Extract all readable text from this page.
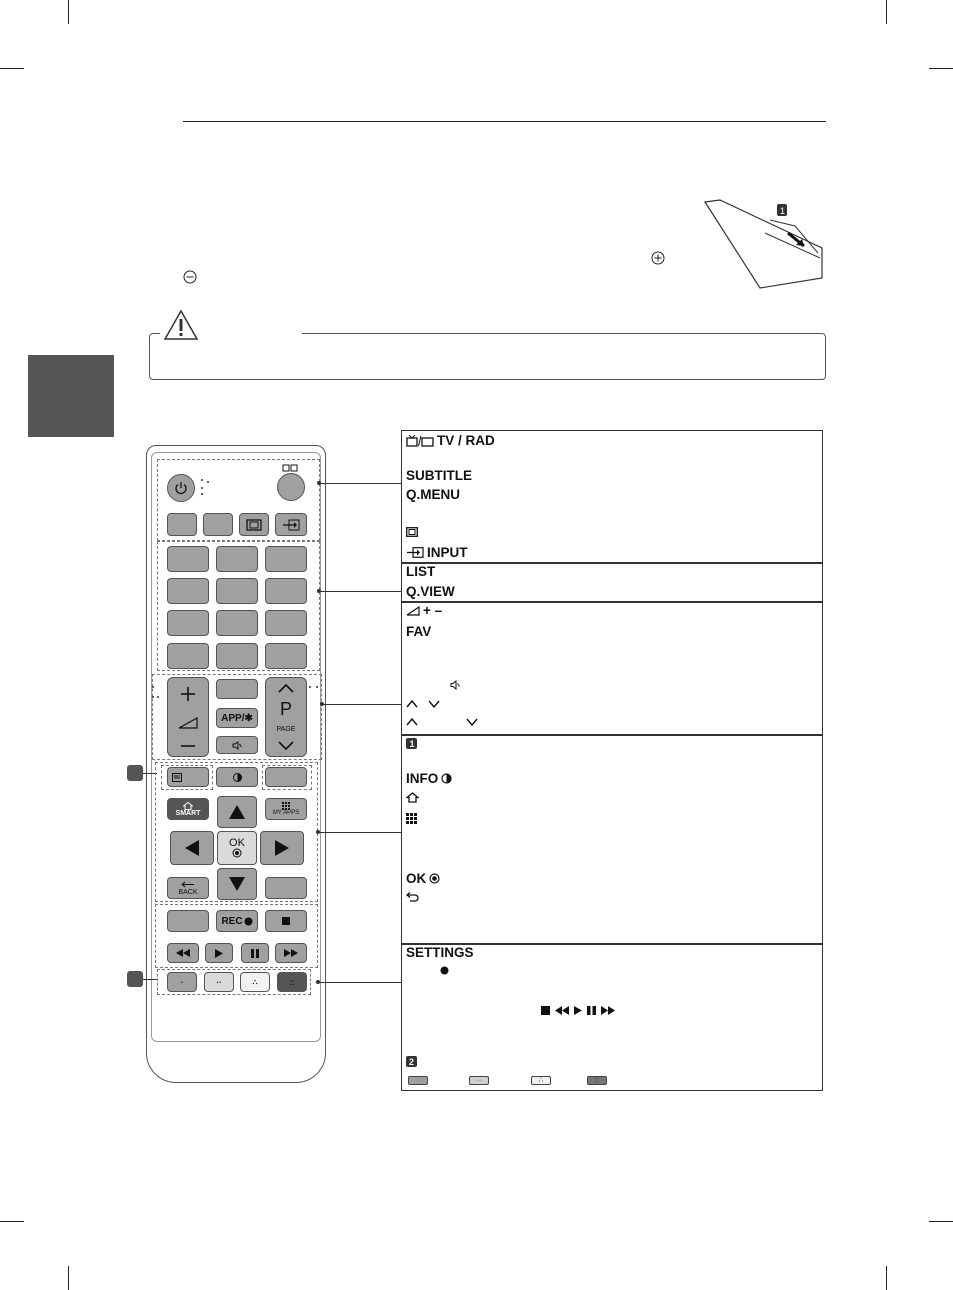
1
APP/✱ P
PAGE
SMART	MY APPS
OK
BACK
REC
·	··	∴	::
TV / RAD
SUBTITLE
Q.MENU
INPUT
LIST
Q.VIEW
+ –
FAV
1
INFO
OK
SETTINGS
2
·	··	∴	::
